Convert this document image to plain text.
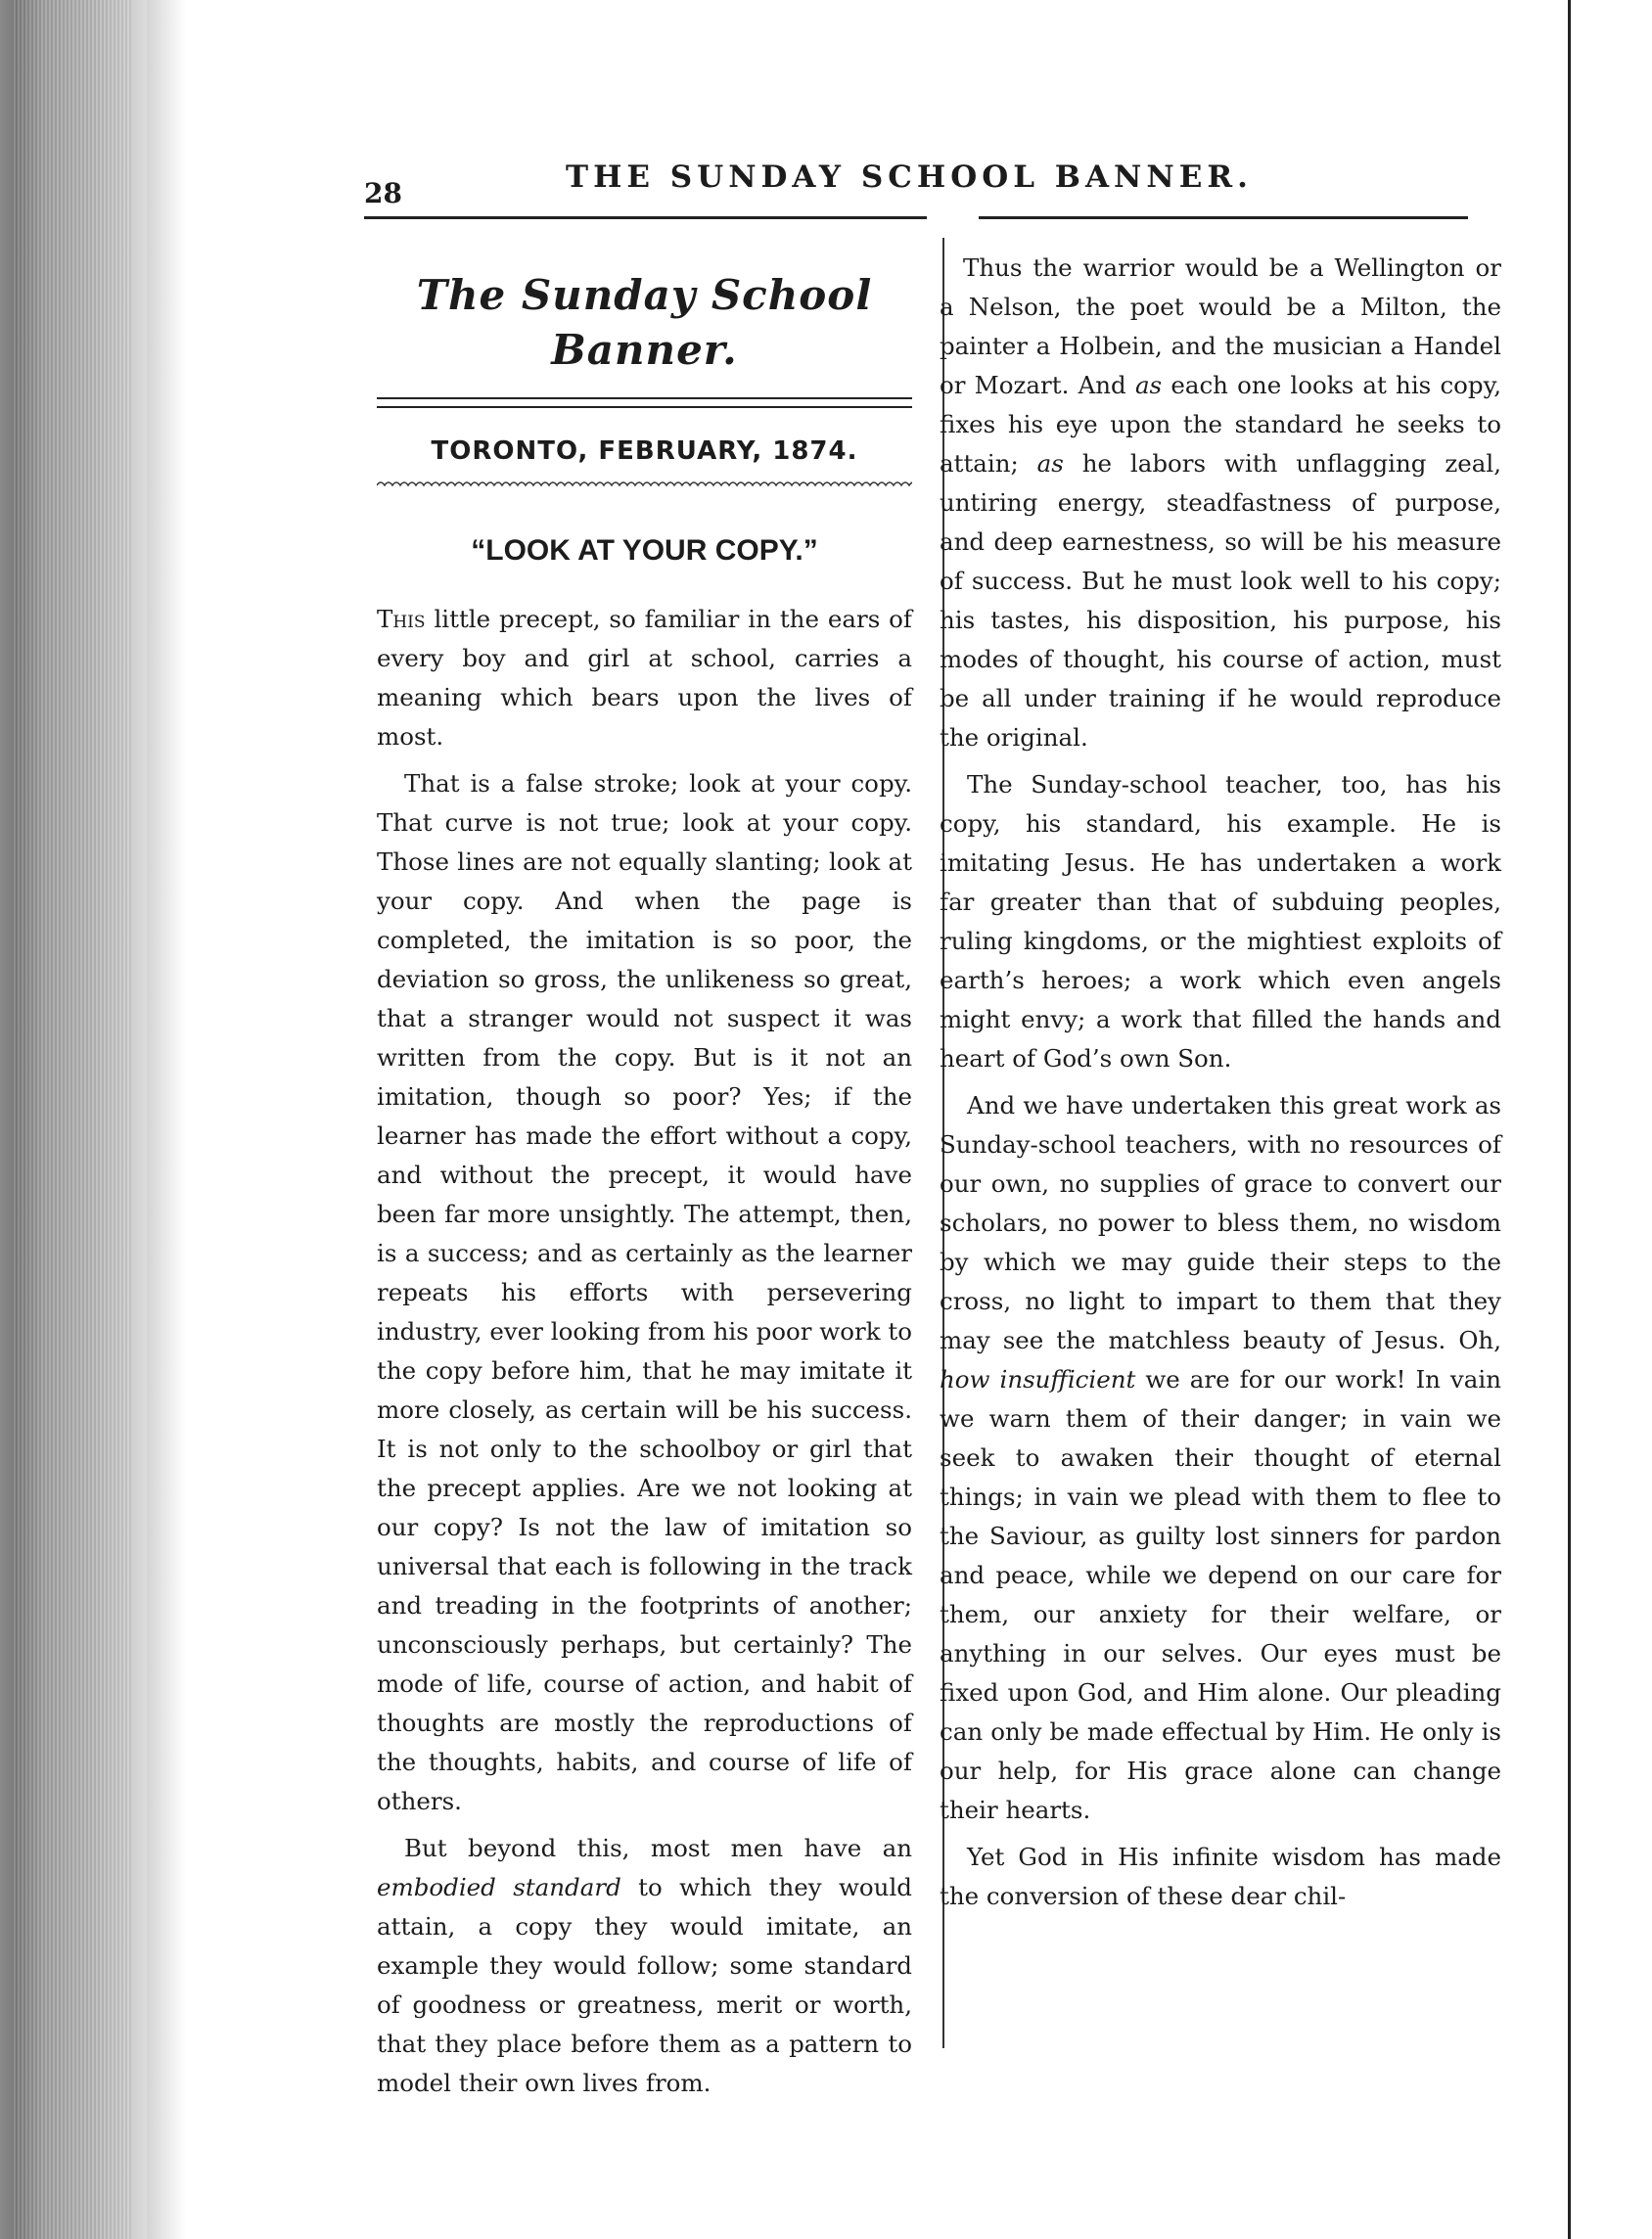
28	THE SUNDAY SCHOOL BANNER.
The Sunday School Banner.
TORONTO, FEBRUARY, 1874.
“LOOK AT YOUR COPY.”

This little precept, so familiar in the ears of every boy and girl at school, carries a meaning which bears upon the lives of most.

That is a false stroke; look at your copy. That curve is not true; look at your copy. Those lines are not equally slanting; look at your copy. And when the page is completed, the imitation is so poor, the deviation so gross, the unlikeness so great, that a stranger would not suspect it was written from the copy. But is it not an imitation, though so poor? Yes; if the learner has made the effort without a copy, and without the precept, it would have been far more unsightly. The attempt, then, is a success; and as certainly as the learner repeats his efforts with persevering industry, ever looking from his poor work to the copy before him, that he may imitate it more closely, as certain will be his success. It is not only to the schoolboy or girl that the precept applies. Are we not looking at our copy? Is not the law of imitation so universal that each is following in the track and treading in the footprints of another; unconsciously perhaps, but certainly? The mode of life, course of action, and habit of thoughts are mostly the reproductions of the thoughts, habits, and course of life of others.

But beyond this, most men have an embodied standard to which they would attain, a copy they would imitate, an example they would follow; some standard of goodness or greatness, merit or worth, that they place before them as a pattern to model their own lives from.

Thus the warrior would be a Wellington or a Nelson, the poet would be a Milton, the painter a Holbein, and the musician a Handel or Mozart. And as each one looks at his copy, fixes his eye upon the standard he seeks to attain; as he labors with unflagging zeal, untiring energy, steadfastness of purpose, and deep earnestness, so will be his measure of success. But he must look well to his copy; his tastes, his disposition, his purpose, his modes of thought, his course of action, must be all under training if he would reproduce the original.

The Sunday-school teacher, too, has his copy, his standard, his example. He is imitating Jesus. He has undertaken a work far greater than that of subduing peoples, ruling kingdoms, or the mightiest exploits of earth’s heroes; a work which even angels might envy; a work that filled the hands and heart of God’s own Son.

And we have undertaken this great work as Sunday-school teachers, with no resources of our own, no supplies of grace to convert our scholars, no power to bless them, no wisdom by which we may guide their steps to the cross, no light to impart to them that they may see the matchless beauty of Jesus. Oh, how insufficient we are for our work! In vain we warn them of their danger; in vain we seek to awaken their thought of eternal things; in vain we plead with them to flee to the Saviour, as guilty lost sinners for pardon and peace, while we depend on our care for them, our anxiety for their welfare, or anything in our selves. Our eyes must be fixed upon God, and Him alone. Our pleading can only be made effectual by Him. He only is our help, for His grace alone can change their hearts.

Yet God in His infinite wisdom has made the conversion of these dear chil-
